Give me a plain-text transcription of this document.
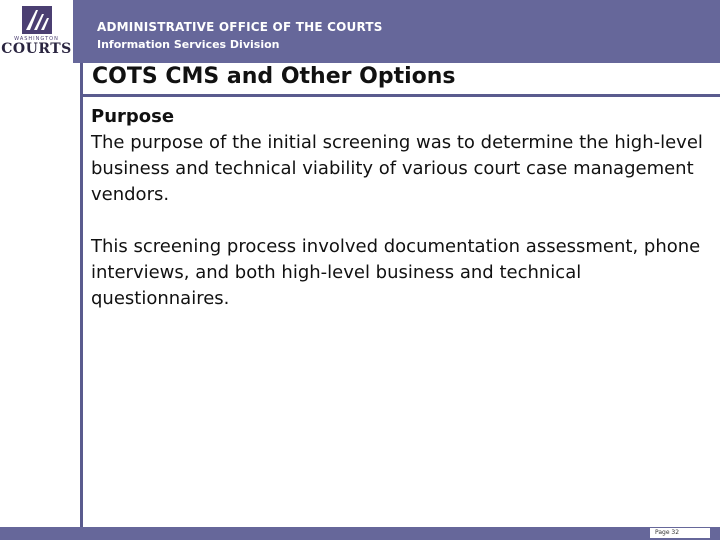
WASHINGTON
COURTS
ADMINISTRATIVE OFFICE OF THE COURTS
Information Services Division
COTS CMS and Other Options
Purpose

The purpose of the initial screening was to determine the high-level business and technical viability of various court case management vendors.

This screening process involved documentation assessment, phone interviews, and both high-level business and technical questionnaires.

Page 32
